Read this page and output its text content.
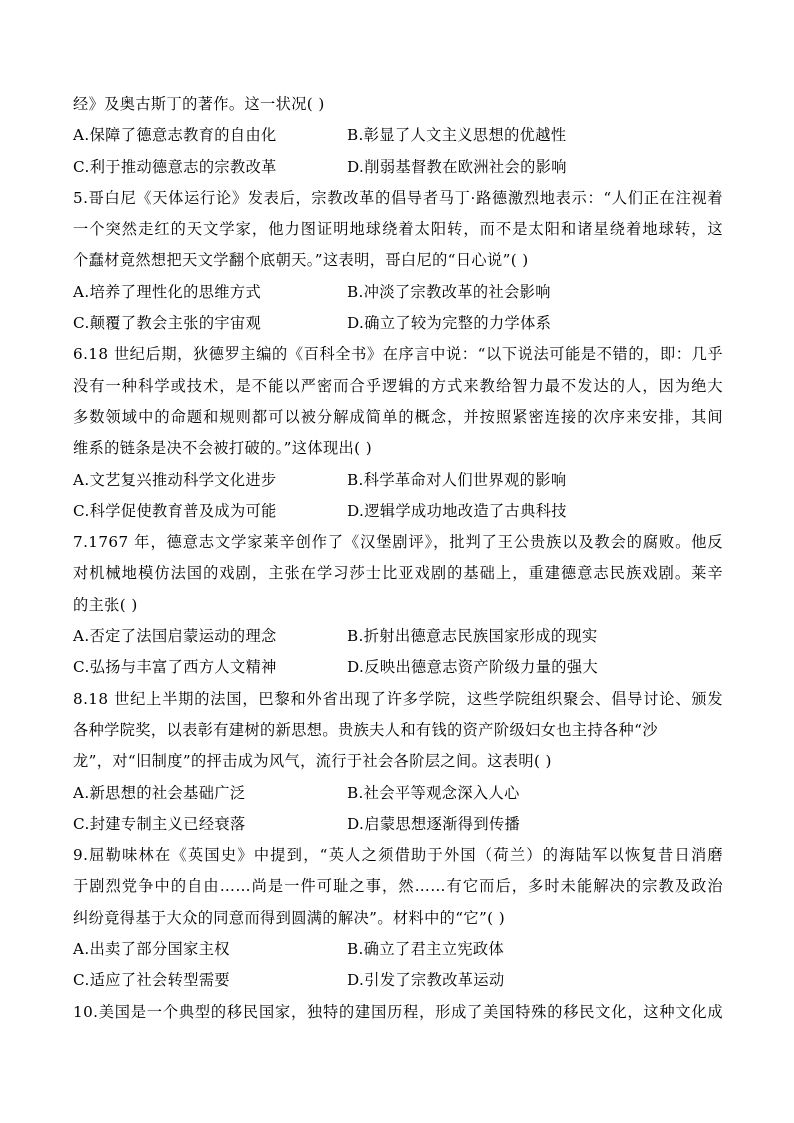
经》及奥古斯丁的著作。这一状况( )
A.保障了德意志教育的自由化	B.彰显了人文主义思想的优越性
C.利于推动德意志的宗教改革	D.削弱基督教在欧洲社会的影响
5.哥白尼《天体运行论》发表后，宗教改革的倡导者马丁·路德激烈地表示：“人们正在注视着
一个突然走红的天文学家，他力图证明地球绕着太阳转，而不是太阳和诸星绕着地球转，这
个蠢材竟然想把天文学翻个底朝天。”这表明，哥白尼的“日心说”( )
A.培养了理性化的思维方式	B.冲淡了宗教改革的社会影响
C.颠覆了教会主张的宇宙观	D.确立了较为完整的力学体系
6.18 世纪后期，狄德罗主编的《百科全书》在序言中说：“以下说法可能是不错的，即：几乎
没有一种科学或技术，是不能以严密而合乎逻辑的方式来教给智力最不发达的人，因为绝大
多数领域中的命题和规则都可以被分解成简单的概念，并按照紧密连接的次序来安排，其间
维系的链条是决不会被打破的。”这体现出( )
A.文艺复兴推动科学文化进步	B.科学革命对人们世界观的影响
C.科学促使教育普及成为可能	D.逻辑学成功地改造了古典科技
7.1767 年，德意志文学家莱辛创作了《汉堡剧评》，批判了王公贵族以及教会的腐败。他反
对机械地模仿法国的戏剧，主张在学习莎士比亚戏剧的基础上，重建德意志民族戏剧。莱辛
的主张( )
A.否定了法国启蒙运动的理念	B.折射出德意志民族国家形成的现实
C.弘扬与丰富了西方人文精神	D.反映出德意志资产阶级力量的强大
8.18 世纪上半期的法国，巴黎和外省出现了许多学院，这些学院组织聚会、倡导讨论、颁发
各种学院奖，以表彰有建树的新思想。贵族夫人和有钱的资产阶级妇女也主持各种“沙
龙”，对“旧制度”的抨击成为风气，流行于社会各阶层之间。这表明( )
A.新思想的社会基础广泛	B.社会平等观念深入人心
C.封建专制主义已经衰落	D.启蒙思想逐渐得到传播
9.屈勒味林在《英国史》中提到，“英人之须借助于外国（荷兰）的海陆军以恢复昔日消磨
于剧烈党争中的自由……尚是一件可耻之事，然……有它而后，多时未能解决的宗教及政治
纠纷竟得基于大众的同意而得到圆满的解决”。材料中的“它”( )
A.出卖了部分国家主权	B.确立了君主立宪政体
C.适应了社会转型需要	D.引发了宗教改革运动
10.美国是一个典型的移民国家，独特的建国历程，形成了美国特殊的移民文化，这种文化成
